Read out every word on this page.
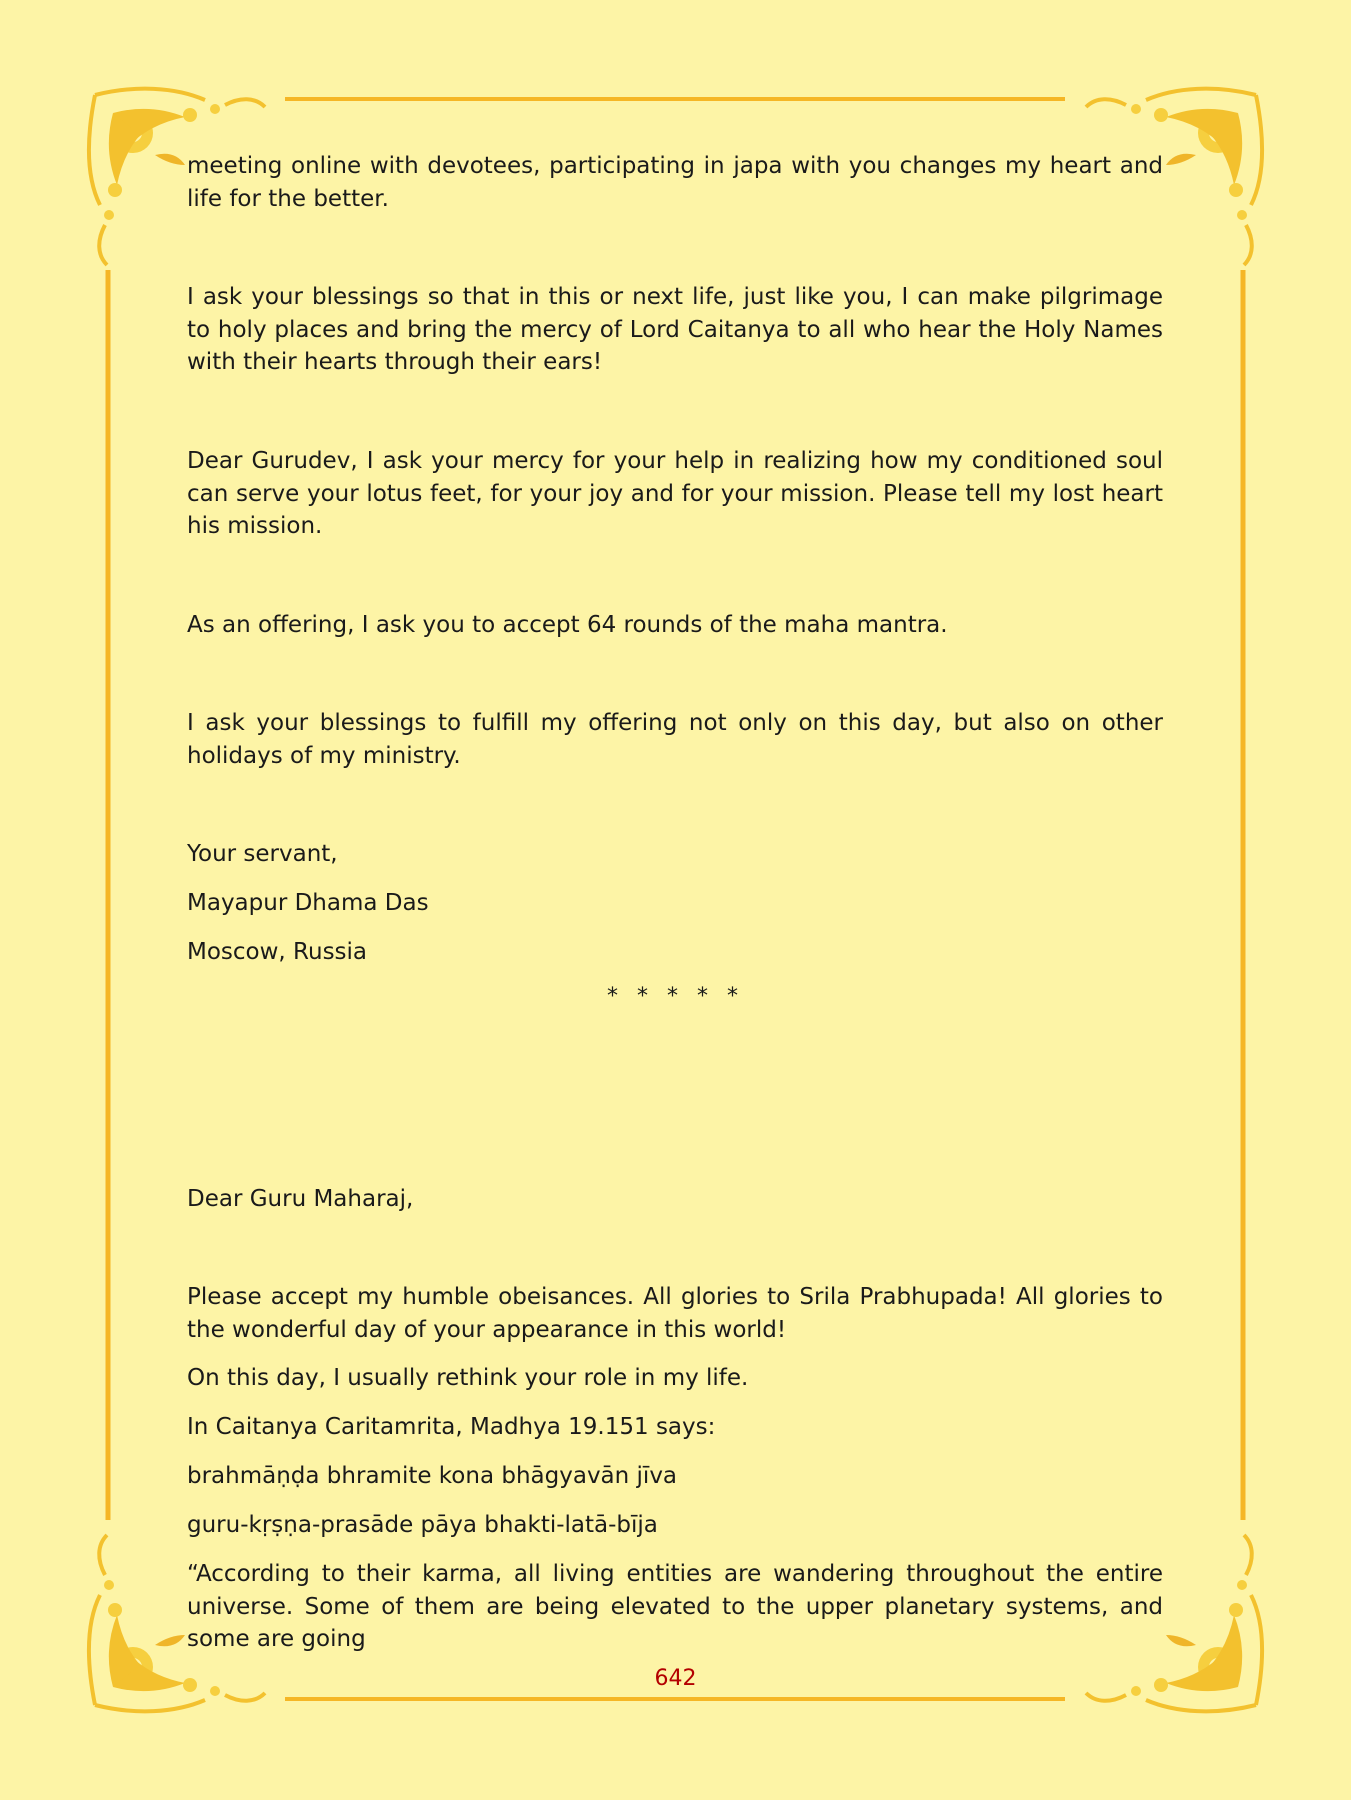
meeting online with devotees, participating in japa with you changes my heart and life for the better.

I ask your blessings so that in this or next life, just like you, I can make pilgrimage to holy places and bring the mercy of Lord Caitanya to all who hear the Holy Names with their hearts through their ears!

Dear Gurudev, I ask your mercy for your help in realizing how my conditioned soul can serve your lotus feet, for your joy and for your mission. Please tell my lost heart his mission.

As an offering, I ask you to accept 64 rounds of the maha mantra.

I ask your blessings to fulfill my offering not only on this day, but also on other holidays of my ministry.

Your servant,

Mayapur Dhama Das

Moscow, Russia

* * * * *

Dear Guru Maharaj,

Please accept my humble obeisances. All glories to Srila Prabhupada! All glories to the wonderful day of your appearance in this world!

On this day, I usually rethink your role in my life.

In Caitanya Caritamrita, Madhya 19.151 says:

brahmāṇḍa bhramite kona bhāgyavān jīva

guru-kṛṣṇa-prasāde pāya bhakti-latā-bīja

“According to their karma, all living entities are wandering throughout the entire universe. Some of them are being elevated to the upper planetary systems, and some are going

642
